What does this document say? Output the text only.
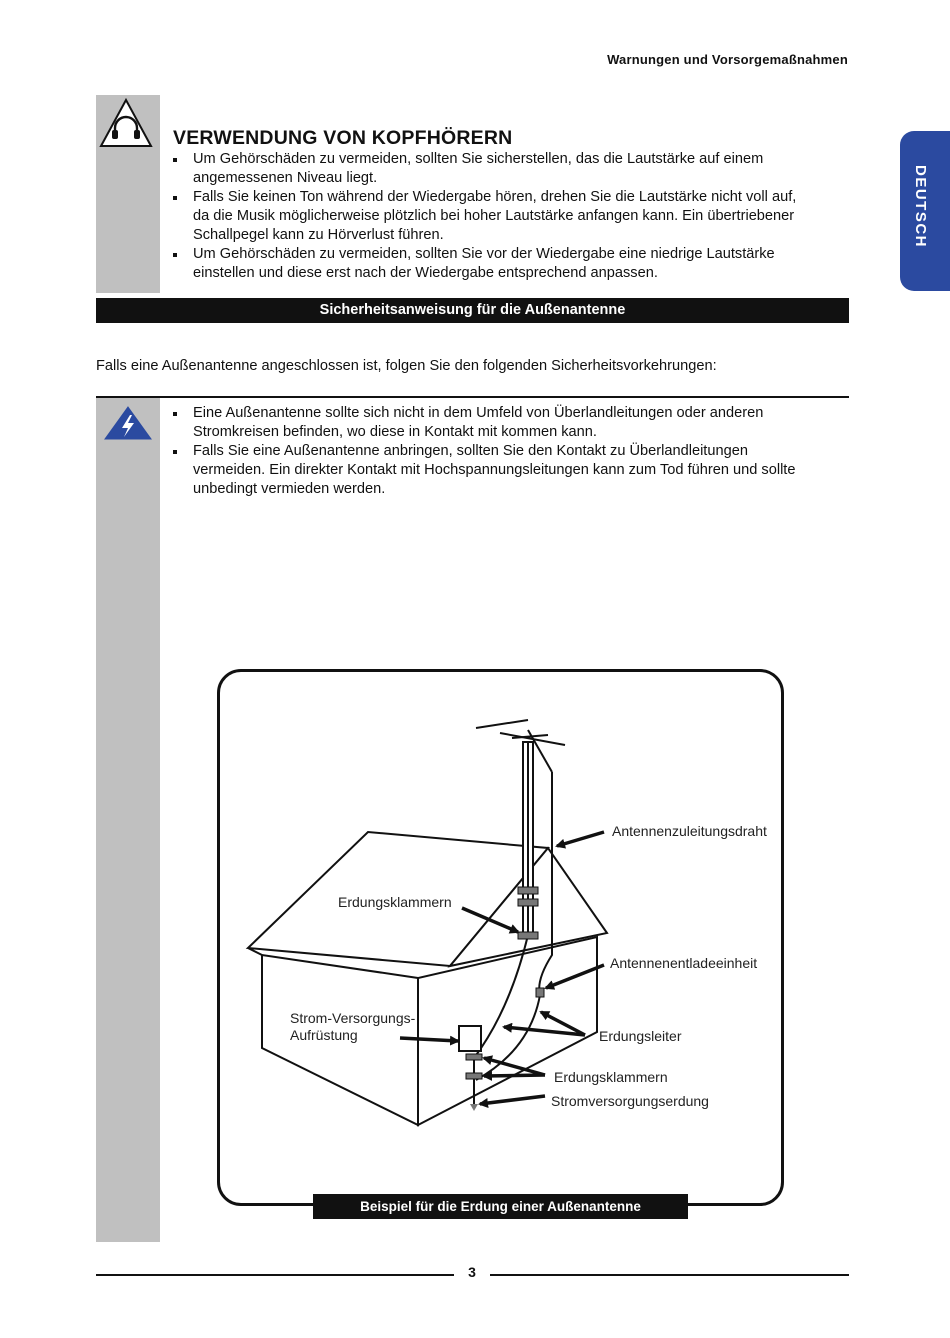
Warnungen und Vorsorgemaßnahmen
DEUTSCH
VERWENDUNG VON KOPFHÖRERN
Um Gehörschäden zu vermeiden, sollten Sie sicherstellen, das die Lautstärke auf einem
angemessenen Niveau liegt.
Falls Sie keinen Ton während der Wiedergabe hören, drehen Sie die Lautstärke nicht voll auf,
da die Musik möglicherweise plötzlich bei hoher Lautstärke anfangen kann. Ein übertriebener
Schallpegel kann zu Hörverlust führen.
Um Gehörschäden zu vermeiden, sollten Sie vor der Wiedergabe eine niedrige Lautstärke
einstellen und diese erst nach der Wiedergabe entsprechend anpassen.
Sicherheitsanweisung für die Außenantenne
Falls eine Außenantenne angeschlossen ist, folgen Sie den folgenden Sicherheitsvorkehrungen:
Eine Außenantenne sollte sich nicht in dem Umfeld von Überlandleitungen oder anderen
Stromkreisen befinden, wo diese in Kontakt mit kommen kann.
Falls Sie eine Außenantenne anbringen, sollten Sie den Kontakt zu Überlandleitungen
vermeiden. Ein direkter Kontakt mit Hochspannungsleitungen kann zum Tod führen und sollte
unbedingt vermieden werden.
Antennenzuleitungsdraht
Erdungsklammern
Antennenentladeeinheit
Strom-Versorgungs-
Aufrüstung	Erdungsleiter
Erdungsklammern
Stromversorgungserdung
Beispiel für die Erdung einer Außenantenne
3
